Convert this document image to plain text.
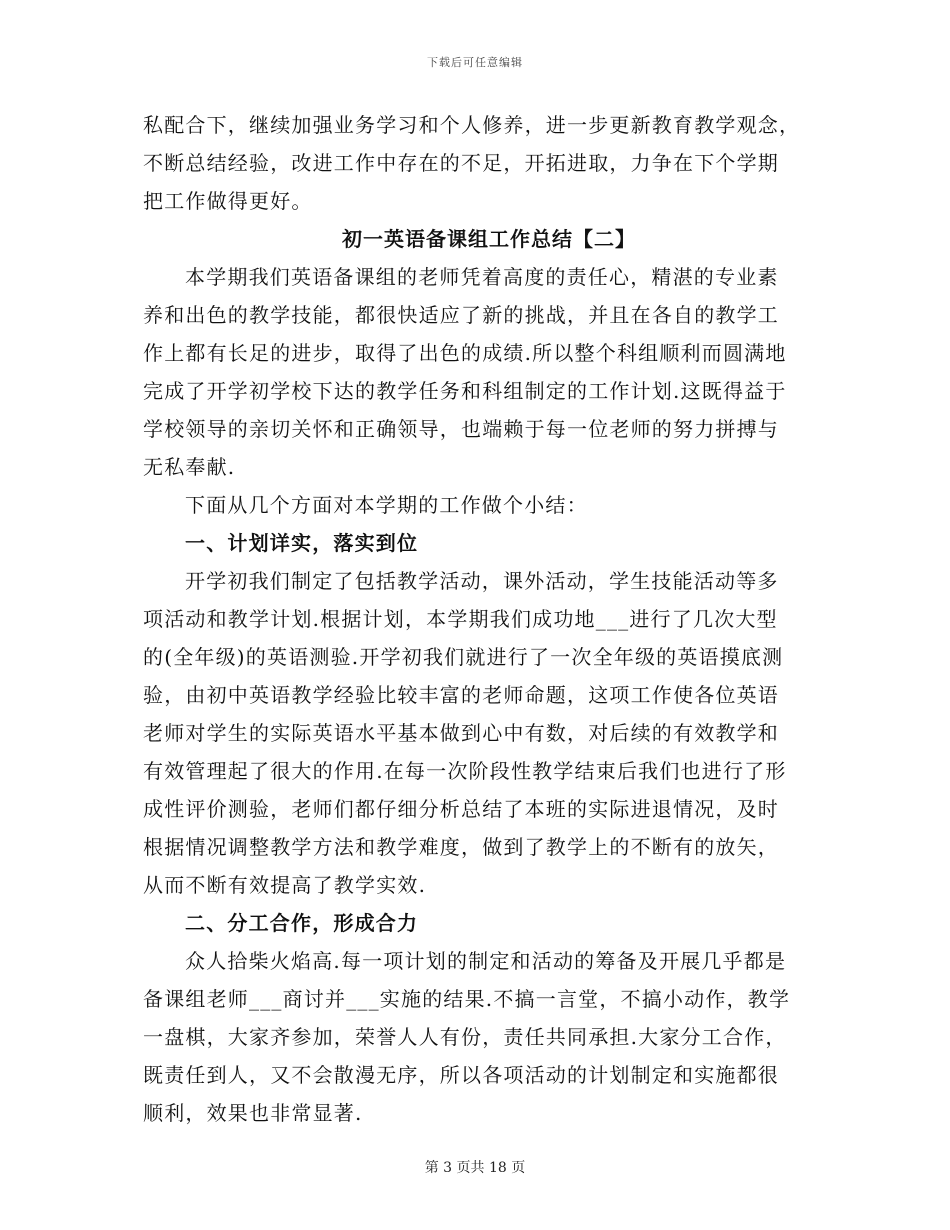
下载后可任意编辑
私配合下，继续加强业务学习和个人修养，进一步更新教育教学观念，
不断总结经验，改进工作中存在的不足，开拓进取，力争在下个学期
把工作做得更好。
初一英语备课组工作总结【二】
本学期我们英语备课组的老师凭着高度的责任心，精湛的专业素
养和出色的教学技能，都很快适应了新的挑战，并且在各自的教学工
作上都有长足的进步，取得了出色的成绩.所以整个科组顺利而圆满地
完成了开学初学校下达的教学任务和科组制定的工作计划.这既得益于
学校领导的亲切关怀和正确领导，也端赖于每一位老师的努力拼搏与
无私奉献.
下面从几个方面对本学期的工作做个小结：
一、计划详实，落实到位
开学初我们制定了包括教学活动，课外活动，学生技能活动等多
项活动和教学计划.根据计划，本学期我们成功地___进行了几次大型
的(全年级)的英语测验.开学初我们就进行了一次全年级的英语摸底测
验，由初中英语教学经验比较丰富的老师命题，这项工作使各位英语
老师对学生的实际英语水平基本做到心中有数，对后续的有效教学和
有效管理起了很大的作用.在每一次阶段性教学结束后我们也进行了形
成性评价测验，老师们都仔细分析总结了本班的实际进退情况，及时
根据情况调整教学方法和教学难度，做到了教学上的不断有的放矢，
从而不断有效提高了教学实效.
二、分工合作，形成合力
众人拾柴火焰高.每一项计划的制定和活动的筹备及开展几乎都是
备课组老师___商讨并___实施的结果.不搞一言堂，不搞小动作，教学
一盘棋，大家齐参加，荣誉人人有份，责任共同承担.大家分工合作，
既责任到人，又不会散漫无序，所以各项活动的计划制定和实施都很
顺利，效果也非常显著.
第 3 页共 18 页
